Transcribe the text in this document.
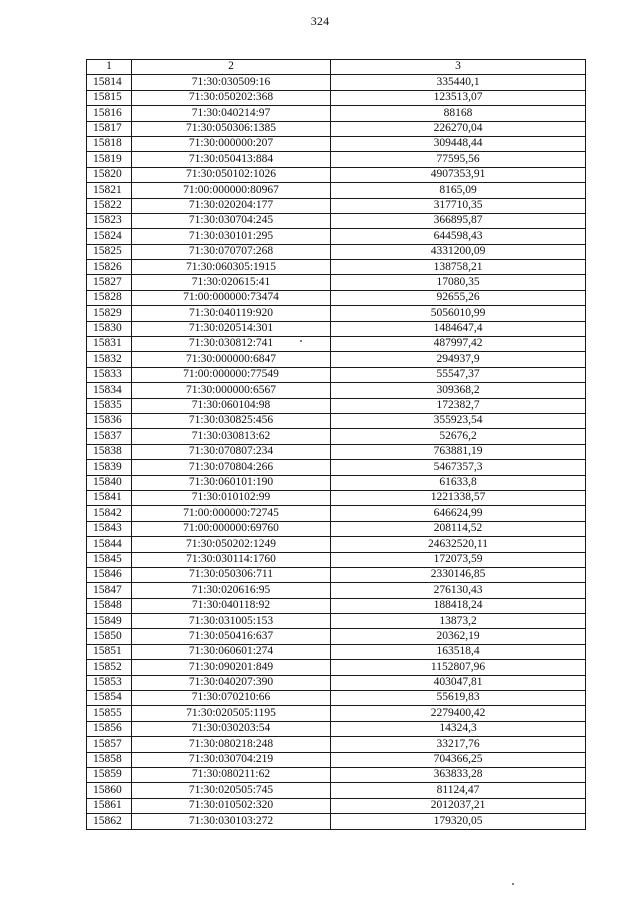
324
1	2	3
15814	71:30:030509:16	335440,1
15815	71:30:050202:368	123513,07
15816	71:30:040214:97	88168
15817	71:30:050306:1385	226270,04
15818	71:30:000000:207	309448,44
15819	71:30:050413:884	77595,56
15820	71:30:050102:1026	4907353,91
15821	71:00:000000:80967	8165,09
15822	71:30:020204:177	317710,35
15823	71:30:030704:245	366895,87
15824	71:30:030101:295	644598,43
15825	71:30:070707:268	4331200,09
15826	71:30:060305:1915	138758,21
15827	71:30:020615:41	17080,35
15828	71:00:000000:73474	92655,26
15829	71:30:040119:920	5056010,99
15830	71:30:020514:301	1484647,4
15831	71:30:030812:741	487997,42
15832	71:30:000000:6847	294937,9
15833	71:00:000000:77549	55547,37
15834	71:30:000000:6567	309368,2
15835	71:30:060104:98	172382,7
15836	71:30:030825:456	355923,54
15837	71:30:030813:62	52676,2
15838	71:30:070807:234	763881,19
15839	71:30:070804:266	5467357,3
15840	71:30:060101:190	61633,8
15841	71:30:010102:99	1221338,57
15842	71:00:000000:72745	646624,99
15843	71:00:000000:69760	208114,52
15844	71:30:050202:1249	24632520,11
15845	71:30:030114:1760	172073,59
15846	71:30:050306:711	2330146,85
15847	71:30:020616:95	276130,43
15848	71:30:040118:92	188418,24
15849	71:30:031005:153	13873,2
15850	71:30:050416:637	20362,19
15851	71:30:060601:274	163518,4
15852	71:30:090201:849	1152807,96
15853	71:30:040207:390	403047,81
15854	71:30:070210:66	55619,83
15855	71:30:020505:1195	2279400,42
15856	71:30:030203:54	14324,3
15857	71:30:080218:248	33217,76
15858	71:30:030704:219	704366,25
15859	71:30:080211:62	363833,28
15860	71:30:020505:745	81124,47
15861	71:30:010502:320	2012037,21
15862	71:30:030103:272	179320,05
